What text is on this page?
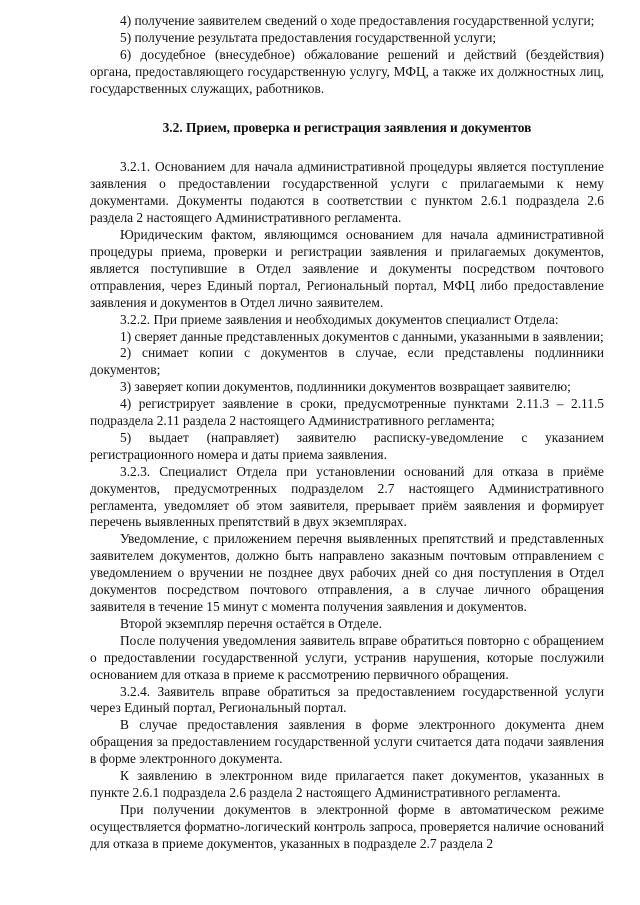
4) получение заявителем сведений о ходе предоставления государственной услуги;

5) получение результата предоставления государственной услуги;

6) досудебное (внесудебное) обжалование решений и действий (бездействия) органа, предоставляющего государственную услугу, МФЦ, а также их должностных лиц, государственных служащих, работников.

3.2. Прием, проверка и регистрация заявления и документов

3.2.1. Основанием для начала административной процедуры является поступление заявления о предоставлении государственной услуги с прилагаемыми к нему документами. Документы подаются в соответствии с пунктом 2.6.1 подраздела 2.6 раздела 2 настоящего Административного регламента.

Юридическим фактом, являющимся основанием для начала административной процедуры приема, проверки и регистрации заявления и прилагаемых документов, является поступившие в Отдел заявление и документы посредством почтового отправления, через Единый портал, Региональный портал, МФЦ либо предоставление заявления и документов в Отдел лично заявителем.

3.2.2. При приеме заявления и необходимых документов специалист Отдела:

1) сверяет данные представленных документов с данными, указанными в заявлении;

2) снимает копии с документов в случае, если представлены подлинники документов;

3) заверяет копии документов, подлинники документов возвращает заявителю;

4) регистрирует заявление в сроки, предусмотренные пунктами 2.11.3 – 2.11.5 подраздела 2.11 раздела 2 настоящего Административного регламента;

5) выдает (направляет) заявителю расписку-уведомление с указанием регистрационного номера и даты приема заявления.

3.2.3. Специалист Отдела при установлении оснований для отказа в приёме документов, предусмотренных подразделом 2.7 настоящего Административного регламента, уведомляет об этом заявителя, прерывает приём заявления и формирует перечень выявленных препятствий в двух экземплярах.

Уведомление, с приложением перечня выявленных препятствий и представленных заявителем документов, должно быть направлено заказным почтовым отправлением с уведомлением о вручении не позднее двух рабочих дней со дня поступления в Отдел документов посредством почтового отправления, а в случае личного обращения заявителя в течение 15 минут с момента получения заявления и документов.

Второй экземпляр перечня остаётся в Отделе.

После получения уведомления заявитель вправе обратиться повторно с обращением о предоставлении государственной услуги, устранив нарушения, которые послужили основанием для отказа в приеме к рассмотрению первичного обращения.

3.2.4. Заявитель вправе обратиться за предоставлением государственной услуги через Единый портал, Региональный портал.

В случае предоставления заявления в форме электронного документа днем обращения за предоставлением государственной услуги считается дата подачи заявления в форме электронного документа.

К заявлению в электронном виде прилагается пакет документов, указанных в пункте 2.6.1 подраздела 2.6 раздела 2 настоящего Административного регламента.

При получении документов в электронной форме в автоматическом режиме осуществляется форматно-логический контроль запроса, проверяется наличие оснований для отказа в приеме документов, указанных в подразделе 2.7 раздела 2
